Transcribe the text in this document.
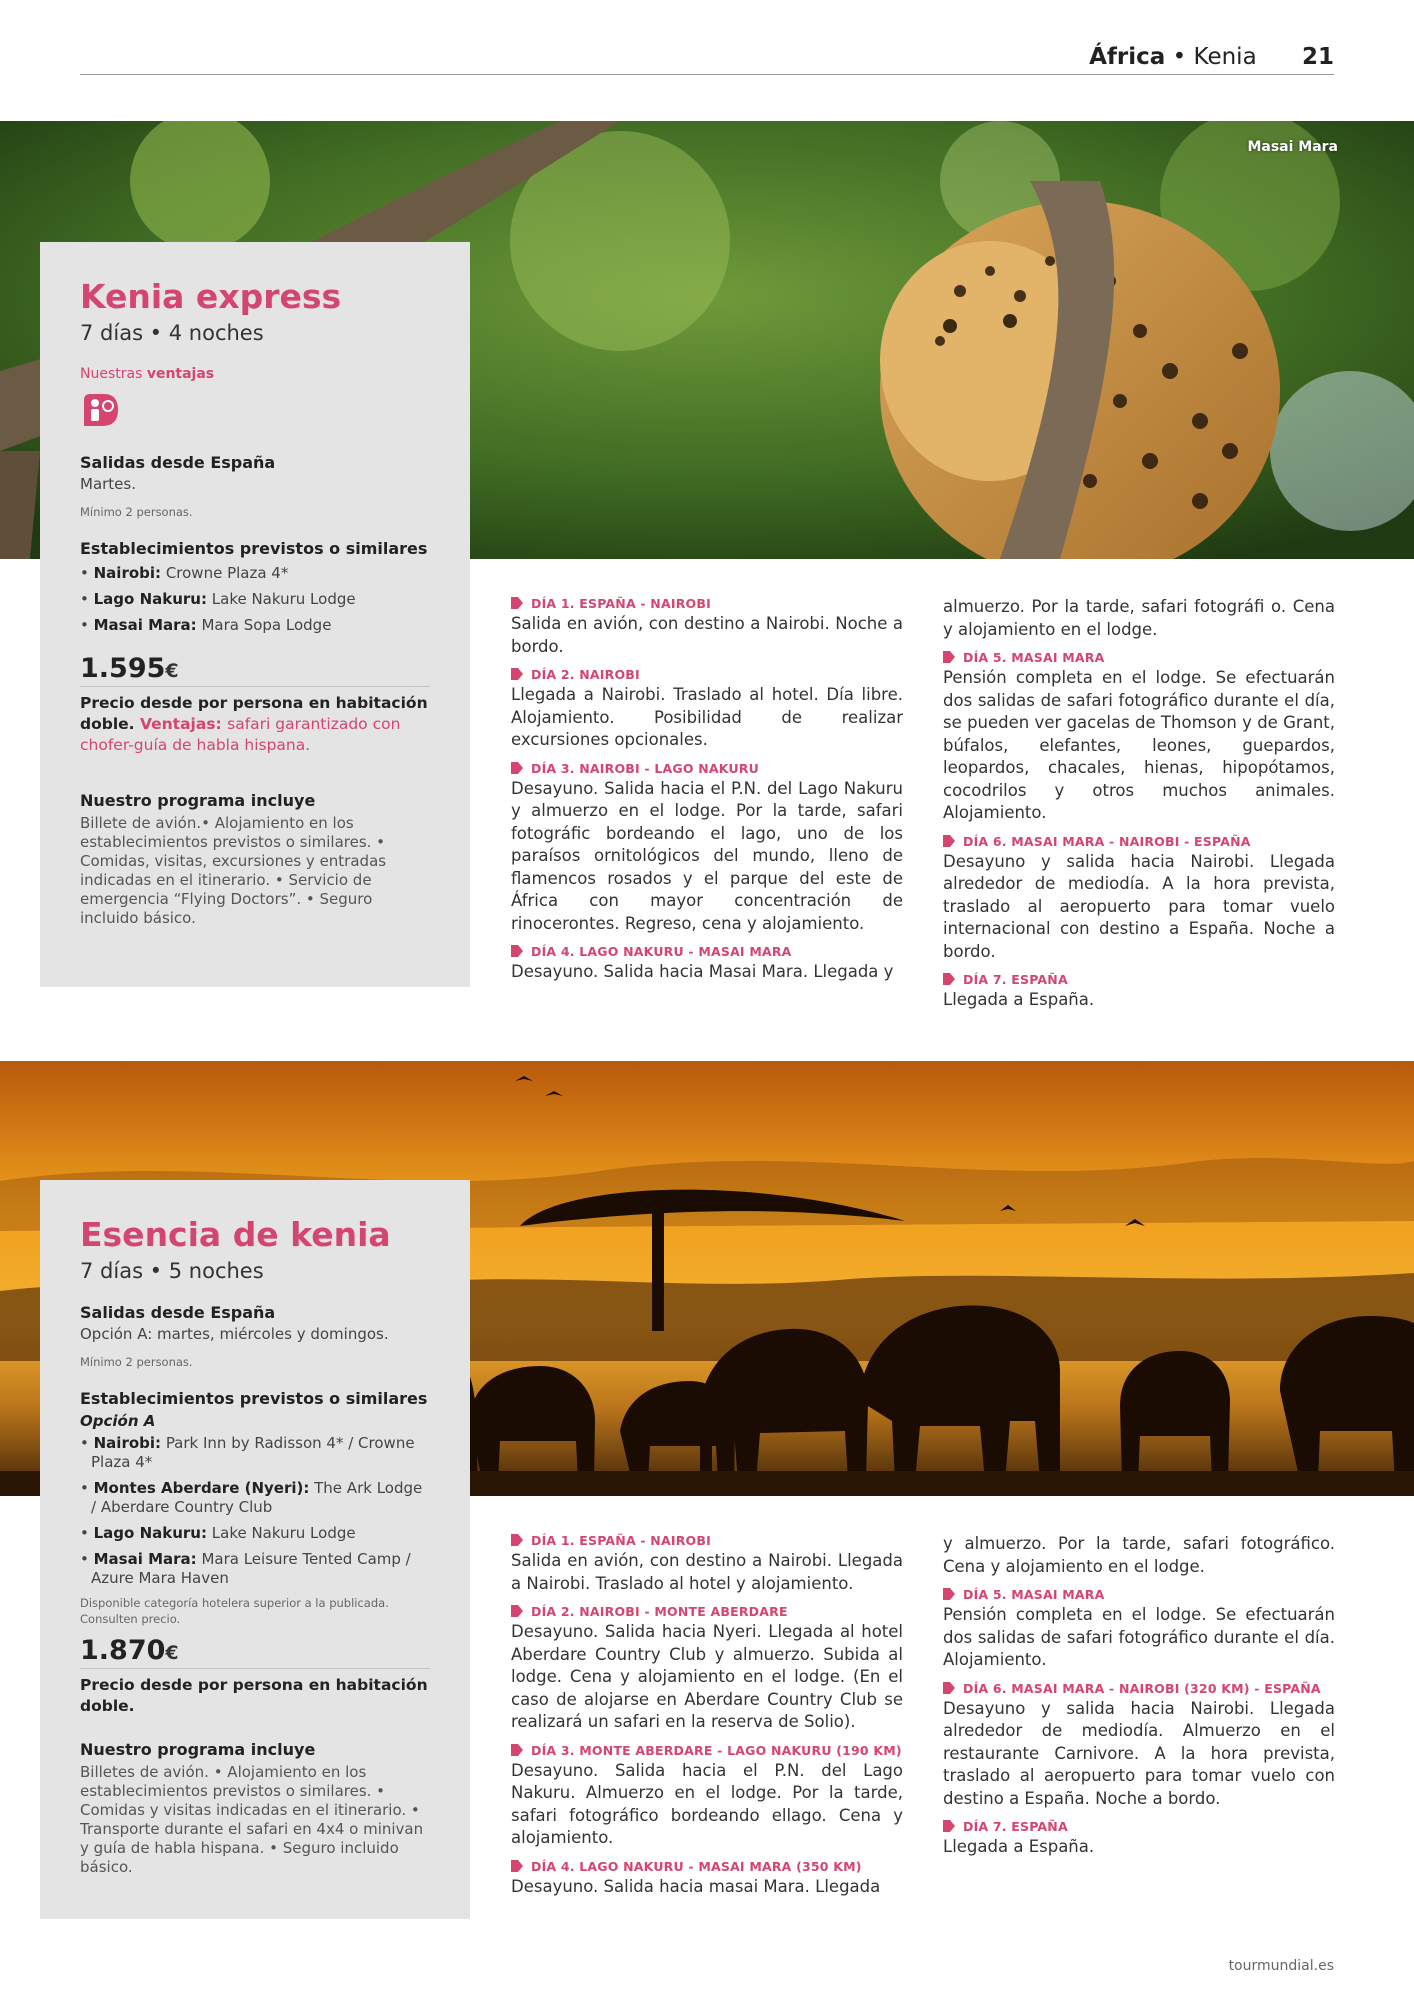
África • Kenia 21
Masai Mara
Kenia express
7 días • 4 noches
Nuestras ventajas
Salidas desde España
Martes.
Mínimo 2 personas.
Establecimientos previstos o similares
• Nairobi: Crowne Plaza 4*
• Lago Nakuru: Lake Nakuru Lodge
• Masai Mara: Mara Sopa Lodge
1.595€
Precio desde por persona en habitación doble. Ventajas: safari garantizado con chofer-guía de habla hispana.
Nuestro programa incluye
Billete de avión.• Alojamiento en los establecimientos previstos o similares. • Comidas, visitas, excursiones y entradas indicadas en el itinerario. • Servicio de emergencia “Flying Doctors”. • Seguro incluido básico.
DÍA 1. ESPAÑA - NAIROBI
Salida en avión, con destino a Nairobi. Noche a bordo.
DÍA 2. NAIROBI
Llegada a Nairobi. Traslado al hotel. Día libre. Alojamiento. Posibilidad de realizar excursiones opcionales.
DÍA 3. NAIROBI - LAGO NAKURU
Desayuno. Salida hacia el P.N. del Lago Nakuru y almuerzo en el lodge. Por la tarde, safari fotográfic bordeando el lago, uno de los paraísos ornitológicos del mundo, lleno de flamencos rosados y el parque del este de África con mayor concentración de rinocerontes. Regreso, cena y alojamiento.
DÍA 4. LAGO NAKURU - MASAI MARA
Desayuno. Salida hacia Masai Mara. Llegada y
almuerzo. Por la tarde, safari fotográfi o. Cena y alojamiento en el lodge.
DÍA 5. MASAI MARA
Pensión completa en el lodge. Se efectuarán dos salidas de safari fotográfico durante el día, se pueden ver gacelas de Thomson y de Grant, búfalos, elefantes, leones, guepardos, leopardos, chacales, hienas, hipopótamos, cocodrilos y otros muchos animales. Alojamiento.
DÍA 6. MASAI MARA - NAIROBI - ESPAÑA
Desayuno y salida hacia Nairobi. Llegada alrededor de mediodía. A la hora prevista, traslado al aeropuerto para tomar vuelo internacional con destino a España. Noche a bordo.
DÍA 7. ESPAÑA
Llegada a España.
Esencia de kenia
7 días • 5 noches
Salidas desde España
Opción A: martes, miércoles y domingos.
Mínimo 2 personas.
Establecimientos previstos o similares
Opción A
• Nairobi: Park Inn by Radisson 4* / Crowne Plaza 4*
• Montes Aberdare (Nyeri): The Ark Lodge / Aberdare Country Club
• Lago Nakuru: Lake Nakuru Lodge
• Masai Mara: Mara Leisure Tented Camp / Azure Mara Haven
Disponible categoría hotelera superior a la publicada. Consulten precio.
1.870€
Precio desde por persona en habitación doble.
Nuestro programa incluye
Billetes de avión. • Alojamiento en los establecimientos previstos o similares. • Comidas y visitas indicadas en el itinerario. • Transporte durante el safari en 4x4 o minivan y guía de habla hispana. • Seguro incluido básico.
DÍA 1. ESPAÑA - NAIROBI
Salida en avión, con destino a Nairobi. Llegada a Nairobi. Traslado al hotel y alojamiento.
DÍA 2. NAIROBI - MONTE ABERDARE
Desayuno. Salida hacia Nyeri. Llegada al hotel Aberdare Country Club y almuerzo. Subida al lodge. Cena y alojamiento en el lodge. (En el caso de alojarse en Aberdare Country Club se realizará un safari en la reserva de Solio).
DÍA 3. MONTE ABERDARE - LAGO NAKURU (190 KM)
Desayuno. Salida hacia el P.N. del Lago Nakuru. Almuerzo en el lodge. Por la tarde, safari fotográfico bordeando ellago. Cena y alojamiento.
DÍA 4. LAGO NAKURU - MASAI MARA (350 KM)
Desayuno. Salida hacia masai Mara. Llegada
y almuerzo. Por la tarde, safari fotográfico. Cena y alojamiento en el lodge.
DÍA 5. MASAI MARA
Pensión completa en el lodge. Se efectuarán dos salidas de safari fotográfico durante el día. Alojamiento.
DÍA 6. MASAI MARA - NAIROBI (320 KM) - ESPAÑA
Desayuno y salida hacia Nairobi. Llegada alrededor de mediodía. Almuerzo en el restaurante Carnivore. A la hora prevista, traslado al aeropuerto para tomar vuelo con destino a España. Noche a bordo.
DÍA 7. ESPAÑA
Llegada a España.
tourmundial.es
